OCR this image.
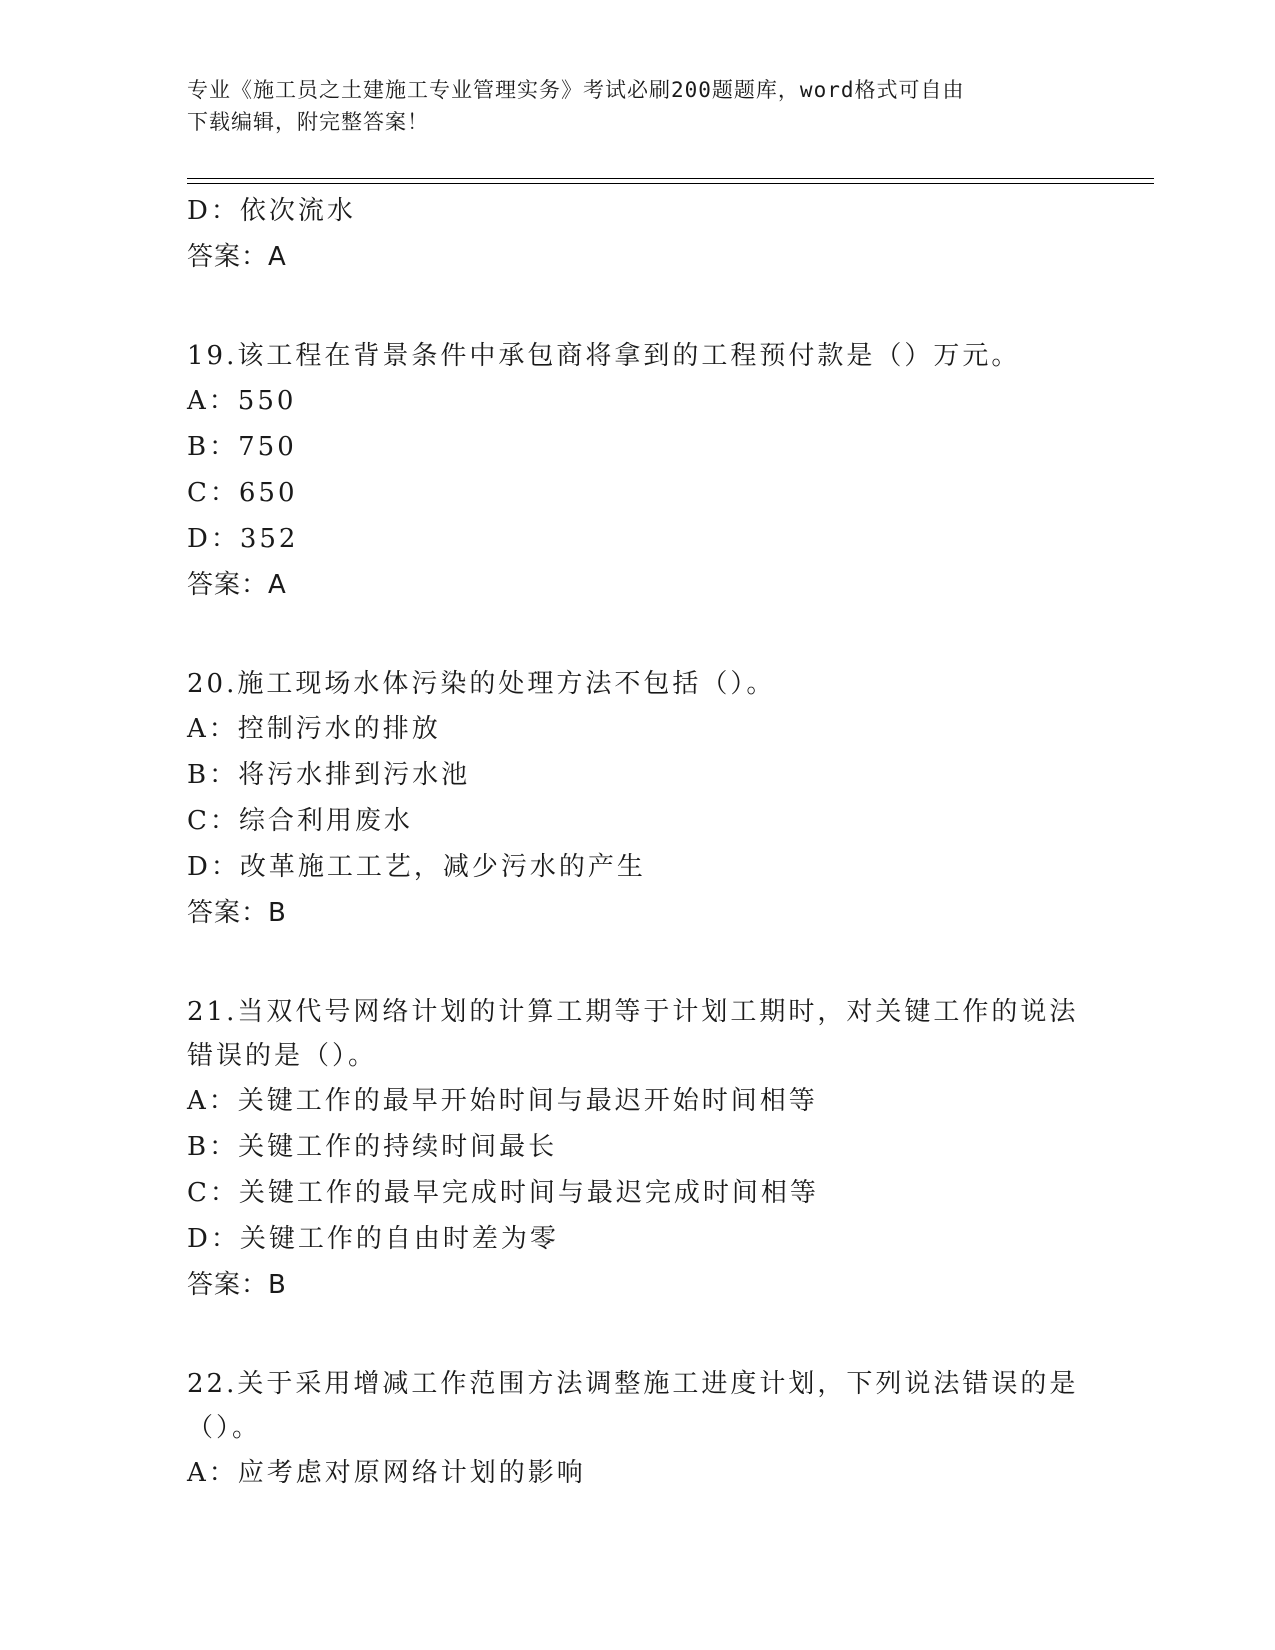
专业《施工员之土建施工专业管理实务》考试必刷200题题库，word格式可自由
下载编辑，附完整答案！
D：依次流水
答案：A
19.该工程在背景条件中承包商将拿到的工程预付款是（）万元。
A：550
B：750
C：650
D：352
答案：A
20.施工现场水体污染的处理方法不包括（）。
A：控制污水的排放
B：将污水排到污水池
C：综合利用废水
D：改革施工工艺，减少污水的产生
答案：B
21.当双代号网络计划的计算工期等于计划工期时，对关键工作的说法错误的是（）。
A：关键工作的最早开始时间与最迟开始时间相等
B：关键工作的持续时间最长
C：关键工作的最早完成时间与最迟完成时间相等
D：关键工作的自由时差为零
答案：B
22.关于采用增减工作范围方法调整施工进度计划，下列说法错误的是（）。
A：应考虑对原网络计划的影响
